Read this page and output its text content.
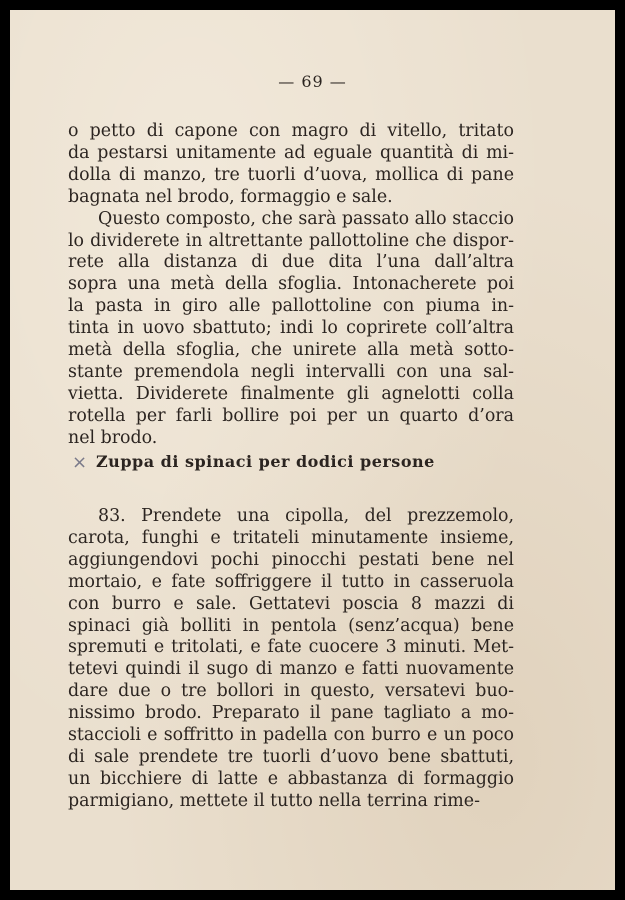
— 69 —
o petto di capone con magro di vitello, tritato
da pestarsi unitamente ad eguale quantità di mi-
dolla di manzo, tre tuorli d’uova, mollica di pane
bagnata nel brodo, formaggio e sale.
Questo composto, che sarà passato allo staccio
lo dividerete in altrettante pallottoline che dispor-
rete alla distanza di due dita l’una dall’altra
sopra una metà della sfoglia. Intonacherete poi
la pasta in giro alle pallottoline con piuma in-
tinta in uovo sbattuto; indi lo coprirete coll’altra
metà della sfoglia, che unirete alla metà sotto-
stante premendola negli intervalli con una sal-
vietta. Dividerete finalmente gli agnelotti colla
rotella per farli bollire poi per un quarto d’ora
nel brodo.
× Zuppa di spinaci per dodici persone
83. Prendete una cipolla, del prezzemolo,
carota, funghi e tritateli minutamente insieme,
aggiungendovi pochi pinocchi pestati bene nel
mortaio, e fate soffriggere il tutto in casseruola
con burro e sale. Gettatevi poscia 8 mazzi di
spinaci già bolliti in pentola (senz’acqua) bene
spremuti e tritolati, e fate cuocere 3 minuti. Met-
tetevi quindi il sugo di manzo e fatti nuovamente
dare due o tre bollori in questo, versatevi buo-
nissimo brodo. Preparato il pane tagliato a mo-
staccioli e soffritto in padella con burro e un poco
di sale prendete tre tuorli d’uovo bene sbattuti,
un bicchiere di latte e abbastanza di formaggio
parmigiano, mettete il tutto nella terrina rime-
